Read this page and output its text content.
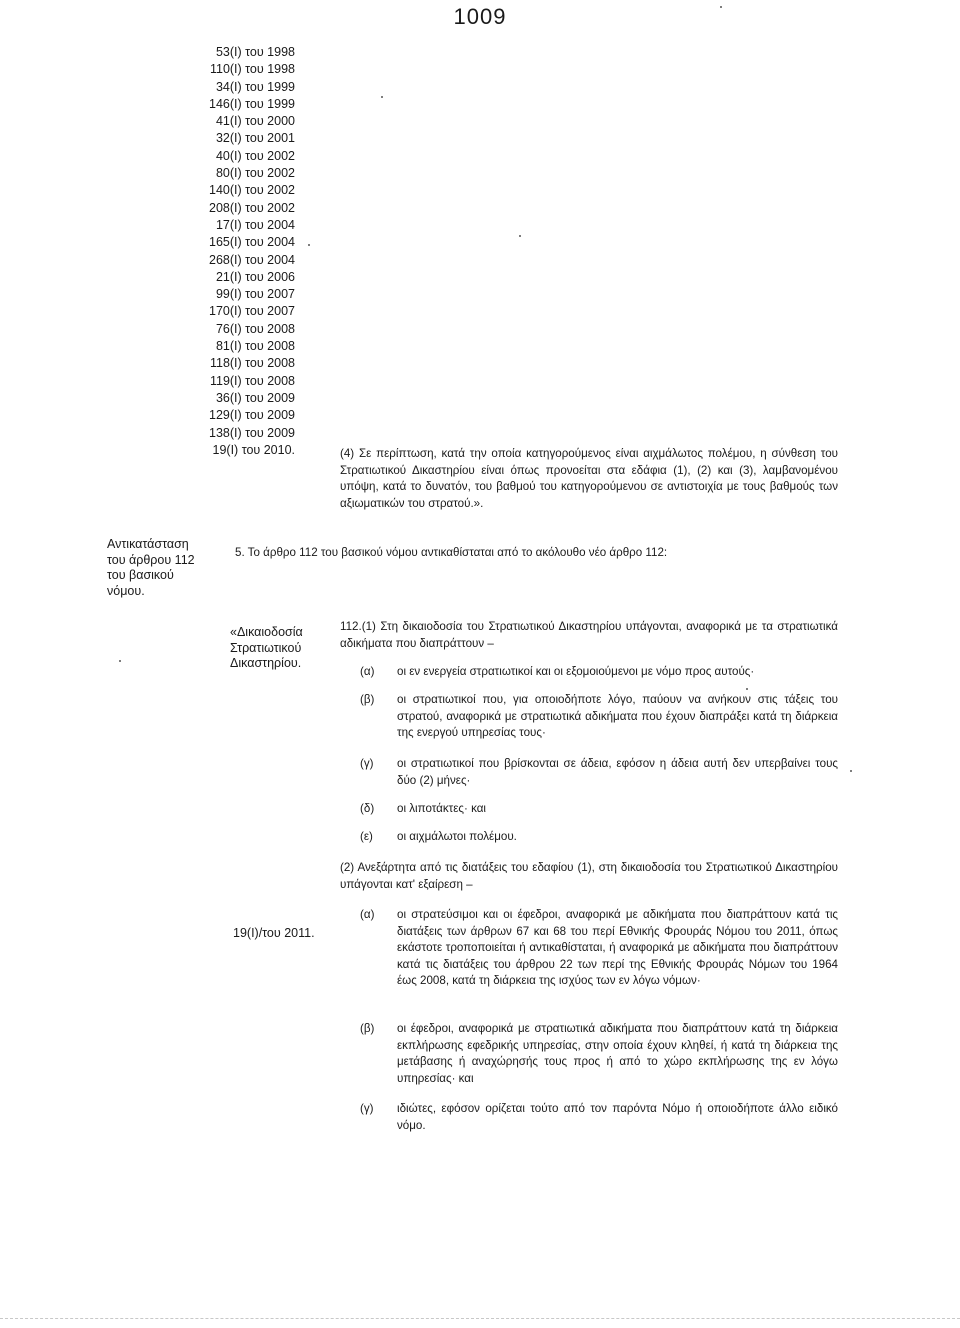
1009
53(I) του 1998
110(I) του 1998
34(I) του 1999
146(I) του 1999
41(I) του 2000
32(I) του 2001
40(I) του 2002
80(I) του 2002
140(I) του 2002
208(I) του 2002
17(I) του 2004
165(I) του 2004
268(I) του 2004
21(I) του 2006
99(I) του 2007
170(I) του 2007
76(I) του 2008
81(I) του 2008
118(I) του 2008
119(I) του 2008
36(I) του 2009
129(I) του 2009
138(I) του 2009
19(I) του 2010.	(4) Σε περίπτωση, κατά την οποία κατηγορούμενος είναι αιχμάλωτος πολέμου, η σύνθεση του Στρατιωτικού Δικαστηρίου είναι όπως προνοείται στα εδάφια (1), (2) και (3), λαμβανομένου υπόψη, κατά το δυνατόν, του βαθμού του κατηγορούμενου σε αντιστοιχία με τους βαθμούς των αξιωματικών του στρατού.».
Αντικατάσταση
του άρθρου 112
του βασικού
νόμου.
5. Το άρθρο 112 του βασικού νόμου αντικαθίσταται από το ακόλουθο νέο άρθρο 112:
«Δικαιοδοσία
Στρατιωτικού
Δικαστηρίου.
112.(1) Στη δικαιοδοσία του Στρατιωτικού Δικαστηρίου υπάγονται, αναφορικά με τα στρατιωτικά αδικήματα που διαπράττουν –
(α) οι εν ενεργεία στρατιωτικοί και οι εξομοιούμενοι με νόμο προς αυτούς·
(β) οι στρατιωτικοί που, για οποιοδήποτε λόγο, παύουν να ανήκουν στις τάξεις του στρατού, αναφορικά με στρατιωτικά αδικήματα που έχουν διαπράξει κατά τη διάρκεια της ενεργού υπηρεσίας τους·
(γ) οι στρατιωτικοί που βρίσκονται σε άδεια, εφόσον η άδεια αυτή δεν υπερβαίνει τους δύο (2) μήνες·
(δ) οι λιποτάκτες· και
(ε) οι αιχμάλωτοι πολέμου.
(2) Ανεξάρτητα από τις διατάξεις του εδαφίου (1), στη δικαιοδοσία του Στρατιωτικού Δικαστηρίου υπάγονται κατ' εξαίρεση –
19(I)/του 2011.
(α) οι στρατεύσιμοι και οι έφεδροι, αναφορικά με αδικήματα που διαπράττουν κατά τις διατάξεις των άρθρων 67 και 68 του περί Εθνικής Φρουράς Νόμου του 2011, όπως εκάστοτε τροποποιείται ή αντικαθίσταται, ή αναφορικά με αδικήματα που διαπράττουν κατά τις διατάξεις του άρθρου 22 των περί της Εθνικής Φρουράς Νόμων του 1964 έως 2008, κατά τη διάρκεια της ισχύος των εν λόγω νόμων·
(β) οι έφεδροι, αναφορικά με στρατιωτικά αδικήματα που διαπράττουν κατά τη διάρκεια εκπλήρωσης εφεδρικής υπηρεσίας, στην οποία έχουν κληθεί, ή κατά τη διάρκεια της μετάβασης ή αναχώρησής τους προς ή από το χώρο εκπλήρωσης της εν λόγω υπηρεσίας· και
(γ) ιδιώτες, εφόσον ορίζεται τούτο από τον παρόντα Νόμο ή οποιοδήποτε άλλο ειδικό νόμο.
